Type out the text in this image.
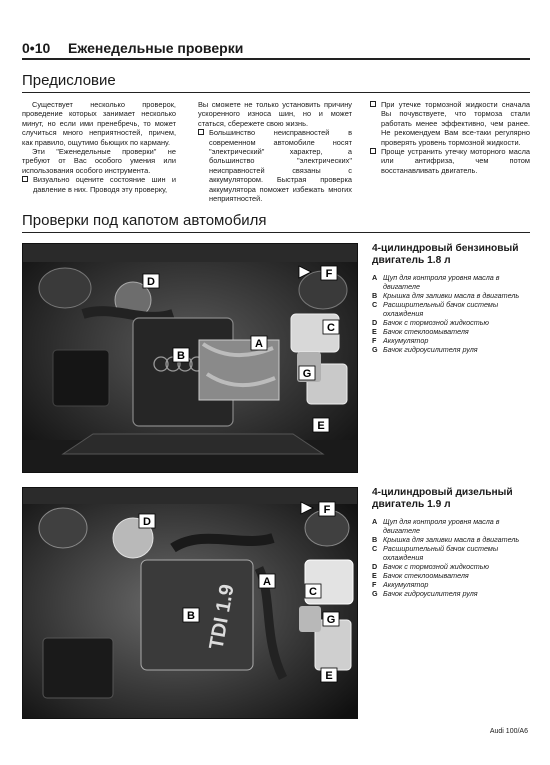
0•10 Еженедельные проверки
Предисловие

Существует несколько проверок, проведение которых занимает несколько минут, но если ими пренебречь, то может случиться много неприятностей, причем, как правило, ощутимо бьющих по карману.

Эти "Еженедельные проверки" не требуют от Вас особого умения или использования особого инструмента.

Визуально оцените состояние шин и давление в них. Проводя эту проверку,

Вы сможете не только установить причину ускоренного износа шин, но и может статься, сбережете свою жизнь.

Большинство неисправностей в современном автомобиле носят "электрический" характер, а большинство "электрических" неисправностей связаны с аккумулятором. Быстрая проверка аккумулятора поможет избежать многих неприятностей.
При утечке тормозной жидкости сначала Вы почувствуете, что тормоза стали работать менее эффективно, чем ранее. Не рекомендуем Вам все-таки регулярно проверять уровень тормозной жидкости.
Проще устранить утечку моторного масла или антифриза, чем потом восстанавливать двигатель.
Проверки под капотом автомобиля
F
D
B
A
C
E
G
4-цилиндровый бензиновый двигатель 1.8 л
A Щуп для контроля уровня масла в двигателе
B Крышка для заливки масла в двигатель
C Расширительный бачок системы охлаждения
D Бачок с тормозной жидкостью
E Бачок стеклоомывателя
F Аккумулятор
G Бачок гидроусилителя руля
TDI 1.9
F
D
B
A
C
E
G
4-цилиндровый дизельный двигатель 1.9 л
A Щуп для контроля уровня масла в двигателе
B Крышка для заливки масла в двигатель
C Расширительный бачок системы охлаждения
D Бачок с тормозной жидкостью
E Бачок стеклоомывателя
F Аккумулятор
G Бачок гидроусилителя руля
Audi 100/A6
